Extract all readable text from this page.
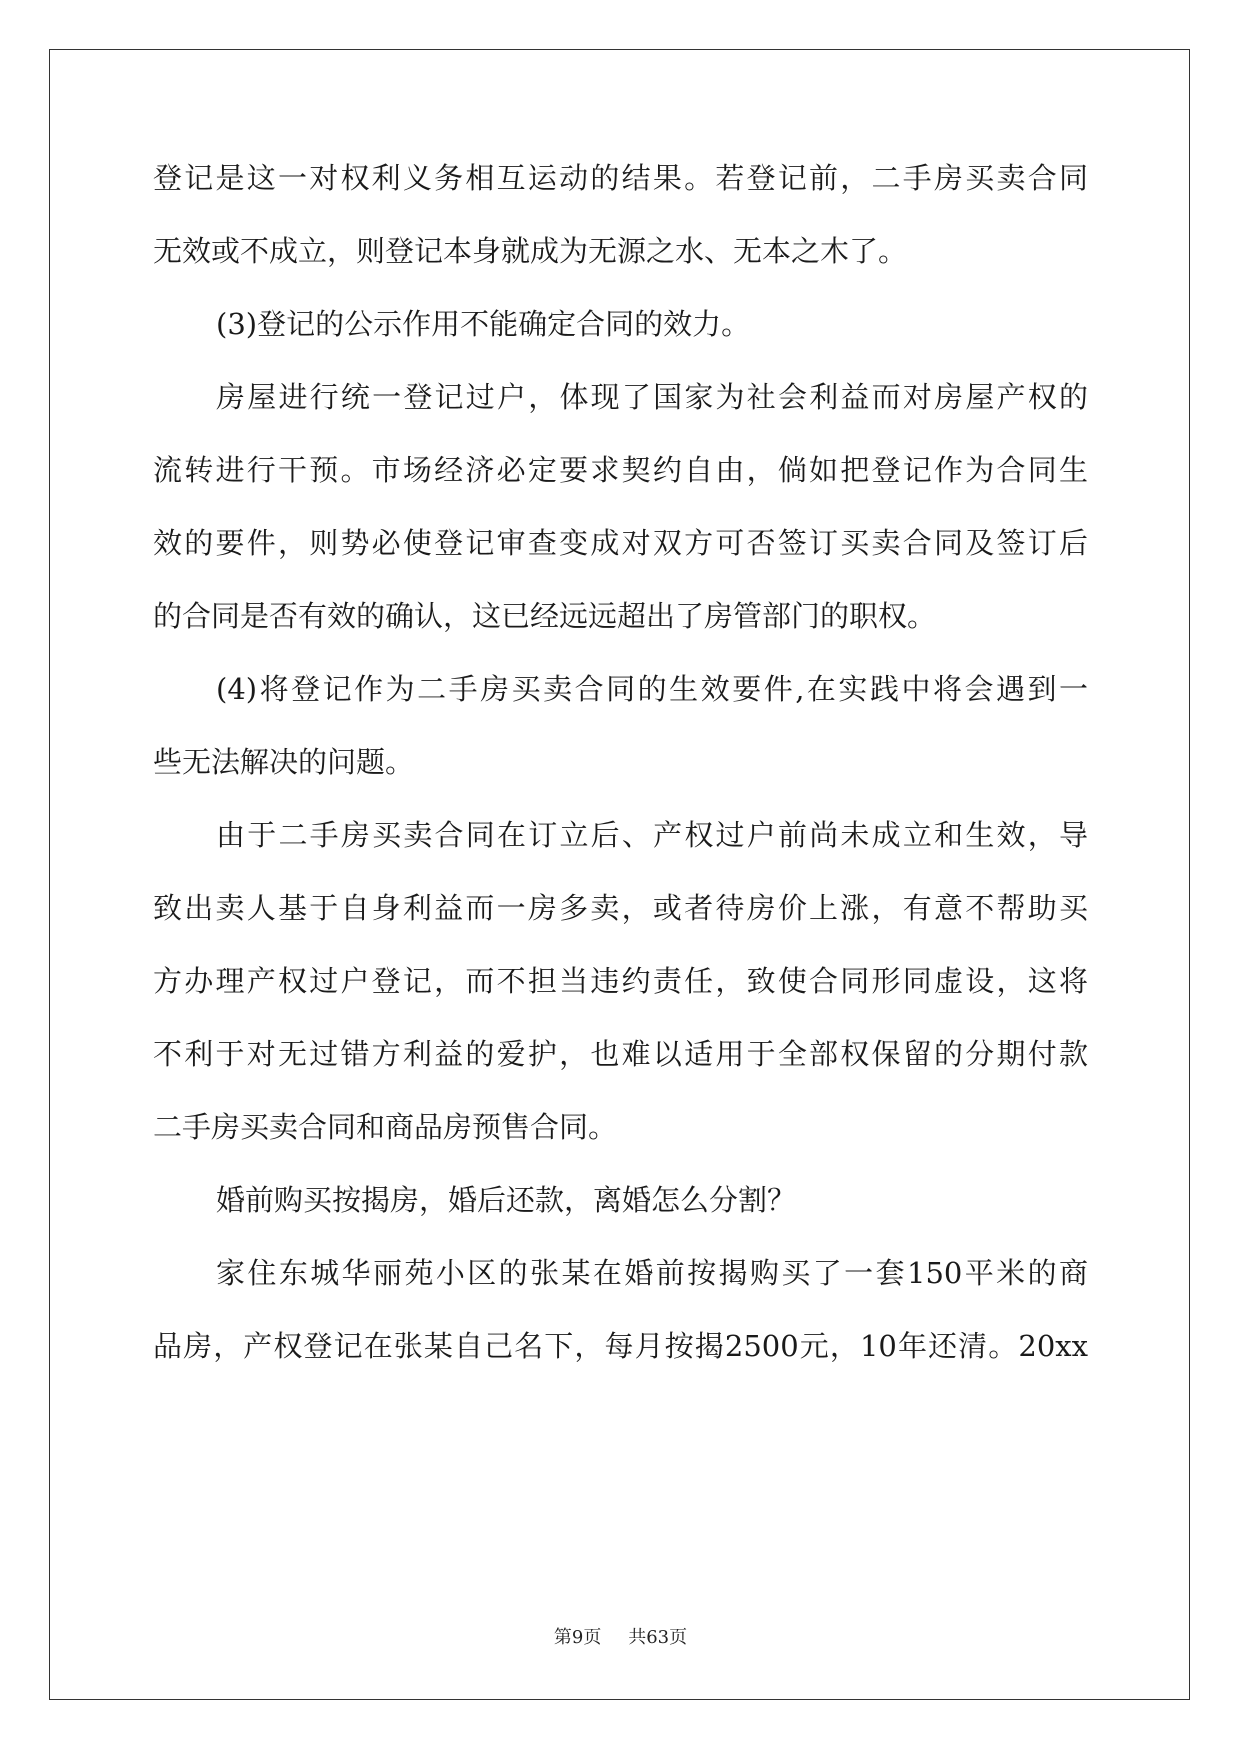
登记是这一对权利义务相互运动的结果。若登记前，二手房买卖合同
无效或不成立，则登记本身就成为无源之水、无本之木了。
(3)登记的公示作用不能确定合同的效力。
房屋进行统一登记过户，体现了国家为社会利益而对房屋产权的
流转进行干预。市场经济必定要求契约自由，倘如把登记作为合同生
效的要件，则势必使登记审查变成对双方可否签订买卖合同及签订后
的合同是否有效的确认，这已经远远超出了房管部门的职权。
(4)将登记作为二手房买卖合同的生效要件,在实践中将会遇到一
些无法解决的问题。
由于二手房买卖合同在订立后、产权过户前尚未成立和生效，导
致出卖人基于自身利益而一房多卖，或者待房价上涨，有意不帮助买
方办理产权过户登记，而不担当违约责任，致使合同形同虚设，这将
不利于对无过错方利益的爱护，也难以适用于全部权保留的分期付款
二手房买卖合同和商品房预售合同。
婚前购买按揭房，婚后还款，离婚怎么分割？
家住东城华丽苑小区的张某在婚前按揭购买了一套150平米的商
品房，产权登记在张某自己名下，每月按揭2500元，10年还清。20xx
第9页 共63页
